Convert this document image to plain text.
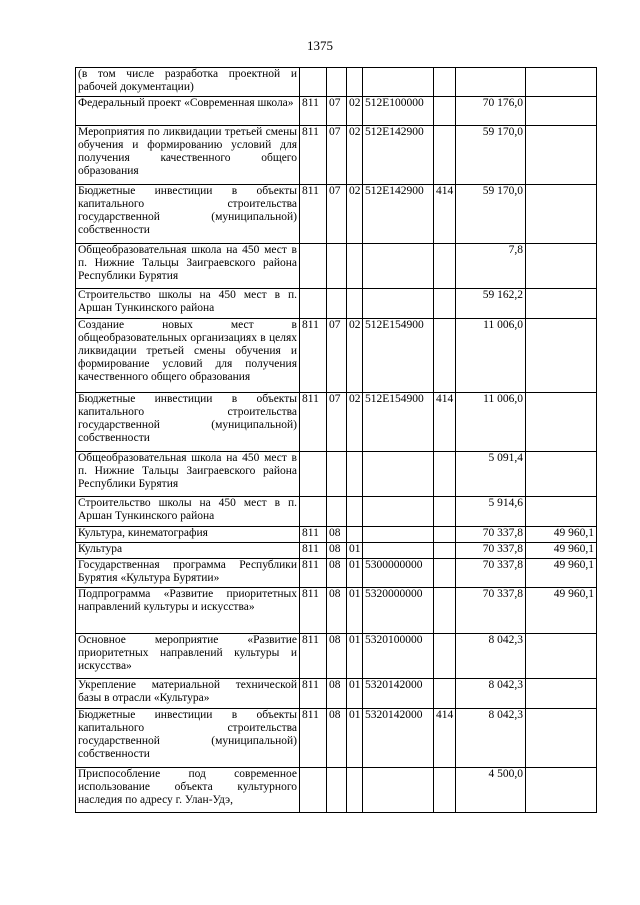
1375
(в том числе разработка проектной и рабочей документации)							
Федеральный проект «Современная школа»	811	07	02	512E100000		70 176,0	
Мероприятия по ликвидации третьей смены обучения и формированию условий для получения качественного общего образования	811	07	02	512E142900		59 170,0	
Бюджетные инвестиции в объекты капитального строительства государственной (муниципальной) собственности	811	07	02	512E142900	414	59 170,0	
Общеобразовательная школа на 450 мест в п. Нижние Тальцы Заиграевского района Республики Бурятия						7,8	
Строительство школы на 450 мест в п. Аршан Тункинского района						59 162,2	
Создание новых мест в общеобразовательных организациях в целях ликвидации третьей смены обучения и формирование условий для получения качественного общего образования	811	07	02	512E154900		11 006,0	
Бюджетные инвестиции в объекты капитального строительства государственной (муниципальной) собственности	811	07	02	512E154900	414	11 006,0	
Общеобразовательная школа на 450 мест в п. Нижние Тальцы Заиграевского района Республики Бурятия						5 091,4	
Строительство школы на 450 мест в п. Аршан Тункинского района						5 914,6	
Культура, кинематография	811	08				70 337,8	49 960,1
Культура	811	08	01			70 337,8	49 960,1
Государственная программа Республики Бурятия «Культура Бурятии»	811	08	01	5300000000		70 337,8	49 960,1
Подпрограмма «Развитие приоритетных направлений культуры и искусства»	811	08	01	5320000000		70 337,8	49 960,1
Основное мероприятие «Развитие приоритетных направлений культуры и искусства»	811	08	01	5320100000		8 042,3	
Укрепление материальной технической базы в отрасли «Культура»	811	08	01	5320142000		8 042,3	
Бюджетные инвестиции в объекты капитального строительства государственной (муниципальной) собственности	811	08	01	5320142000	414	8 042,3	
Приспособление под современное использование объекта культурного наследия по адресу г. Улан-Удэ,						4 500,0	
